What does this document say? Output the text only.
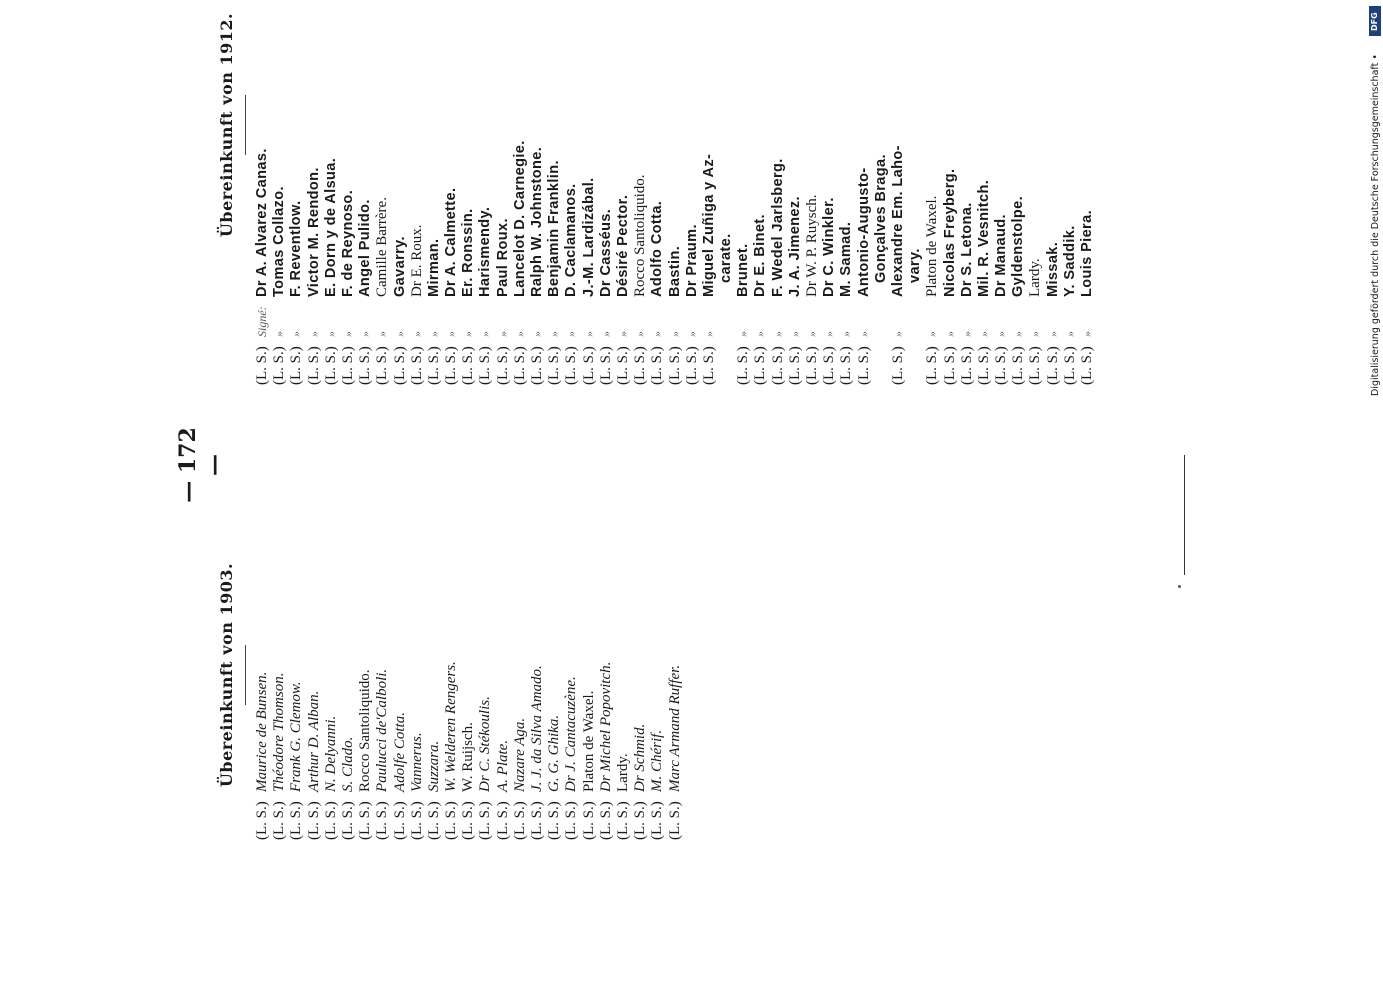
— 172 —
Übereinkunft von 1903.
(L. S.)
Maurice de Bunsen.
(L. S.)
Théodore Thomson.
(L. S.)
Frank G. Clemow.
(L. S.)
Arthur D. Alban.
(L. S.)
N. Delyanni.
(L. S.)
S. Clado.
(L. S.)
Rocco Santoliquido.
(L. S.)
Paulucci de'Calboli.
(L. S.)
Adolfe Cotta.
(L. S.)
Vannerus.
(L. S.)
Suzzara.
(L. S.)
W. Welderen Rengers.
(L. S.)
W. Ruijsch.
(L. S.)
Dr C. Stékoulis.
(L. S.)
A. Plate.
(L. S.)
Nazare Aga.
(L. S.)
J. J. da Silva Amado.
(L. S.)
G. G. Ghika.
(L. S.)
Dr J. Cantacuzène.
(L. S.)
Platon de Waxel.
(L. S.)
Dr Michel Popovitch.
(L. S.)
Lardy.
(L. S.)
Dr Schmid.
(L. S.)
M. Chérif.
(L. S.)
Marc Armand Ruffer.
Übereinkunft von 1912.
(L. S.)
Signé:
Dr A. Alvarez Canas.
(L. S.)
»
Tomas Collazo.
(L. S.)
»
F. Reventlow.
(L. S.)
»
Victor M. Rendon.
(L. S.)
»
E. Dorn y de Alsua.
(L. S.)
»
F. de Reynoso.
(L. S.)
»
Angel Pulido.
(L. S.)
»
Camille Barrère.
(L. S.)
»
Gavarry.
(L. S.)
»
Dr E. Roux.
(L. S.)
»
Mirman.
(L. S.)
»
Dr A. Calmette.
(L. S.)
»
Er. Ronssin.
(L. S.)
»
Harismendy.
(L. S.)
»
Paul Roux.
(L. S.)
»
Lancelot D. Carnegie.
(L. S.)
»
Ralph W. Johnstone.
(L. S.)
»
Benjamin Franklin.
(L. S.)
»
D. Caclamanos.
(L. S.)
»
J.-M. Lardizábal.
(L. S.)
»
Dr Casséus.
(L. S.)
»
Désiré Pector.
(L. S.)
»
Rocco Santoliquido.
(L. S.)
»
Adolfo Cotta.
(L. S.)
»
Bastin.
(L. S.)
»
Dr Praum.
(L. S.)
»
Miguel Zuñiga y Az- carate.
(L. S.)
»
Brunet.
(L. S.)
»
Dr E. Binet.
(L. S.)
»
F. Wedel Jarlsberg.
(L. S.)
»
J. A. Jimenez.
(L. S.)
»
Dr W. P. Ruysch.
(L. S.)
»
Dr C. Winkler.
(L. S.)
»
M. Samad.
(L. S.)
»
Antonio-Augusto- Gonçalves Braga.
(L. S.)
»
Alexandre Em. Laho- vary.
(L. S.)
»
Platon de Waxel.
(L. S.)
»
Nicolas Freyberg.
(L. S.)
»
Dr S. Letona.
(L. S.)
»
Mil. R. Vesnitch.
(L. S.)
»
Dr Manaud.
(L. S.)
»
Gyldenstolpe.
(L. S.)
»
Lardy.
(L. S.)
»
Missak.
(L. S.)
»
Y. Saddik.
(L. S.)
»
Louis Piera.	Digitalisierung gefördert durch die Deutsche Forschungsgemeinschaft •
DFG
